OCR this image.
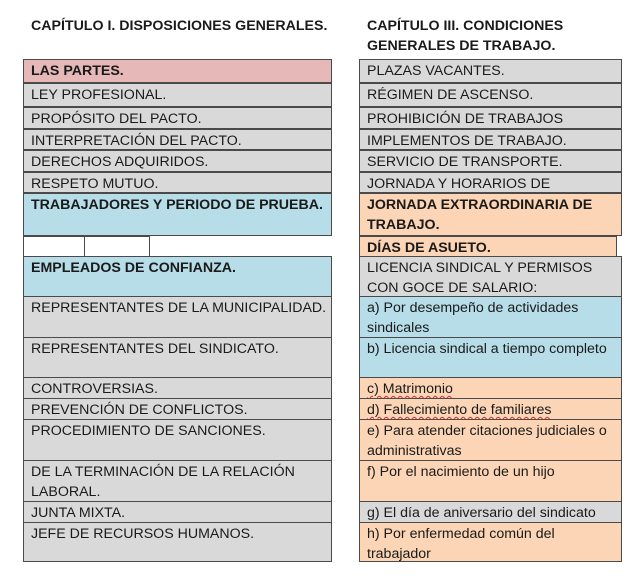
CAPÍTULO I. DISPOSICIONES GENERALES.	CAPÍTULO III. CONDICIONES GENERALES DE TRABAJO.
LAS PARTES.
LEY PROFESIONAL.
PROPÓSITO DEL PACTO.
INTERPRETACIÓN DEL PACTO.
DERECHOS ADQUIRIDOS.
RESPETO MUTUO.
TRABAJADORES Y PERIODO DE PRUEBA.
EMPLEADOS DE CONFIANZA.
REPRESENTANTES DE LA MUNICIPALIDAD.
REPRESENTANTES DEL SINDICATO.
CONTROVERSIAS.
PREVENCIÓN DE CONFLICTOS.
PROCEDIMIENTO DE SANCIONES.
DE LA TERMINACIÓN DE LA RELACIÓN LABORAL.
JUNTA MIXTA.
JEFE DE RECURSOS HUMANOS.
PLAZAS VACANTES.
RÉGIMEN DE ASCENSO.
PROHIBICIÓN DE TRABAJOS
IMPLEMENTOS DE TRABAJO.
SERVICIO DE TRANSPORTE.
JORNADA Y HORARIOS DE
JORNADA EXTRAORDINARIA DE TRABAJO.
DÍAS DE ASUETO.
LICENCIA SINDICAL Y PERMISOS CON GOCE DE SALARIO:
a) Por desempeño de actividades sindicales
b) Licencia sindical a tiempo completo
c) Matrimonio
d) Fallecimiento de familiares
e) Para atender citaciones judiciales o administrativas
f) Por el nacimiento de un hijo
g) El día de aniversario del sindicato
h) Por enfermedad común del trabajador
